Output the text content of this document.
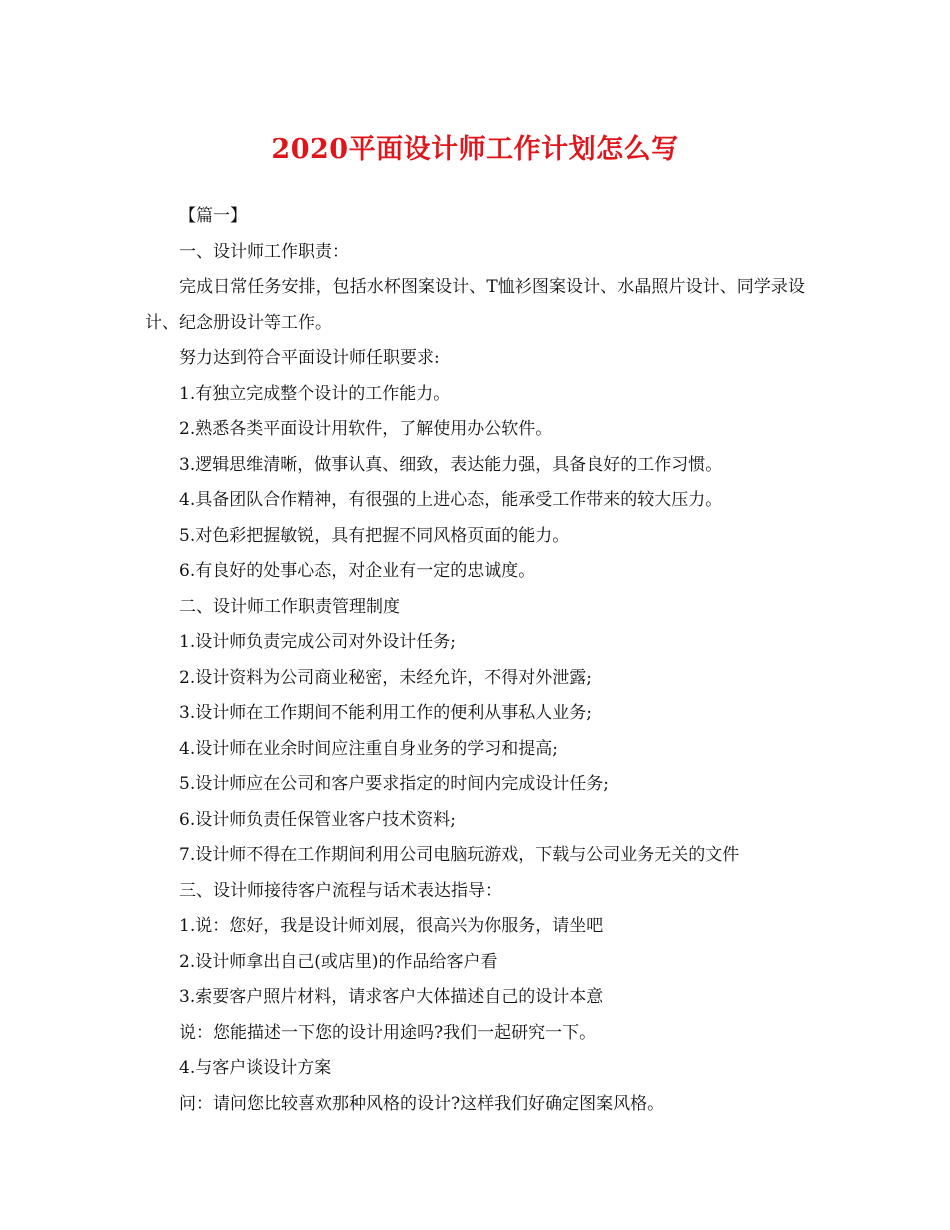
2020平面设计师工作计划怎么写

【篇一】

一、设计师工作职责：

完成日常任务安排，包括水杯图案设计、T恤衫图案设计、水晶照片设计、同学录设计、纪念册设计等工作。

努力达到符合平面设计师任职要求:

1.有独立完成整个设计的工作能力。

2.熟悉各类平面设计用软件，了解使用办公软件。

3.逻辑思维清晰，做事认真、细致，表达能力强，具备良好的工作习惯。

4.具备团队合作精神，有很强的上进心态，能承受工作带来的较大压力。

5.对色彩把握敏锐，具有把握不同风格页面的能力。

6.有良好的处事心态，对企业有一定的忠诚度。

二、设计师工作职责管理制度

1.设计师负责完成公司对外设计任务;

2.设计资料为公司商业秘密，未经允许，不得对外泄露;

3.设计师在工作期间不能利用工作的便利从事私人业务;

4.设计师在业余时间应注重自身业务的学习和提高;

5.设计师应在公司和客户要求指定的时间内完成设计任务;

6.设计师负责任保管业客户技术资料;

7.设计师不得在工作期间利用公司电脑玩游戏，下载与公司业务无关的文件

三、设计师接待客户流程与话术表达指导：

1.说：您好，我是设计师刘展，很高兴为你服务，请坐吧

2.设计师拿出自己(或店里)的作品给客户看

3.索要客户照片材料，请求客户大体描述自己的设计本意

说：您能描述一下您的设计用途吗?我们一起研究一下。

4.与客户谈设计方案

问：请问您比较喜欢那种风格的设计?这样我们好确定图案风格。
